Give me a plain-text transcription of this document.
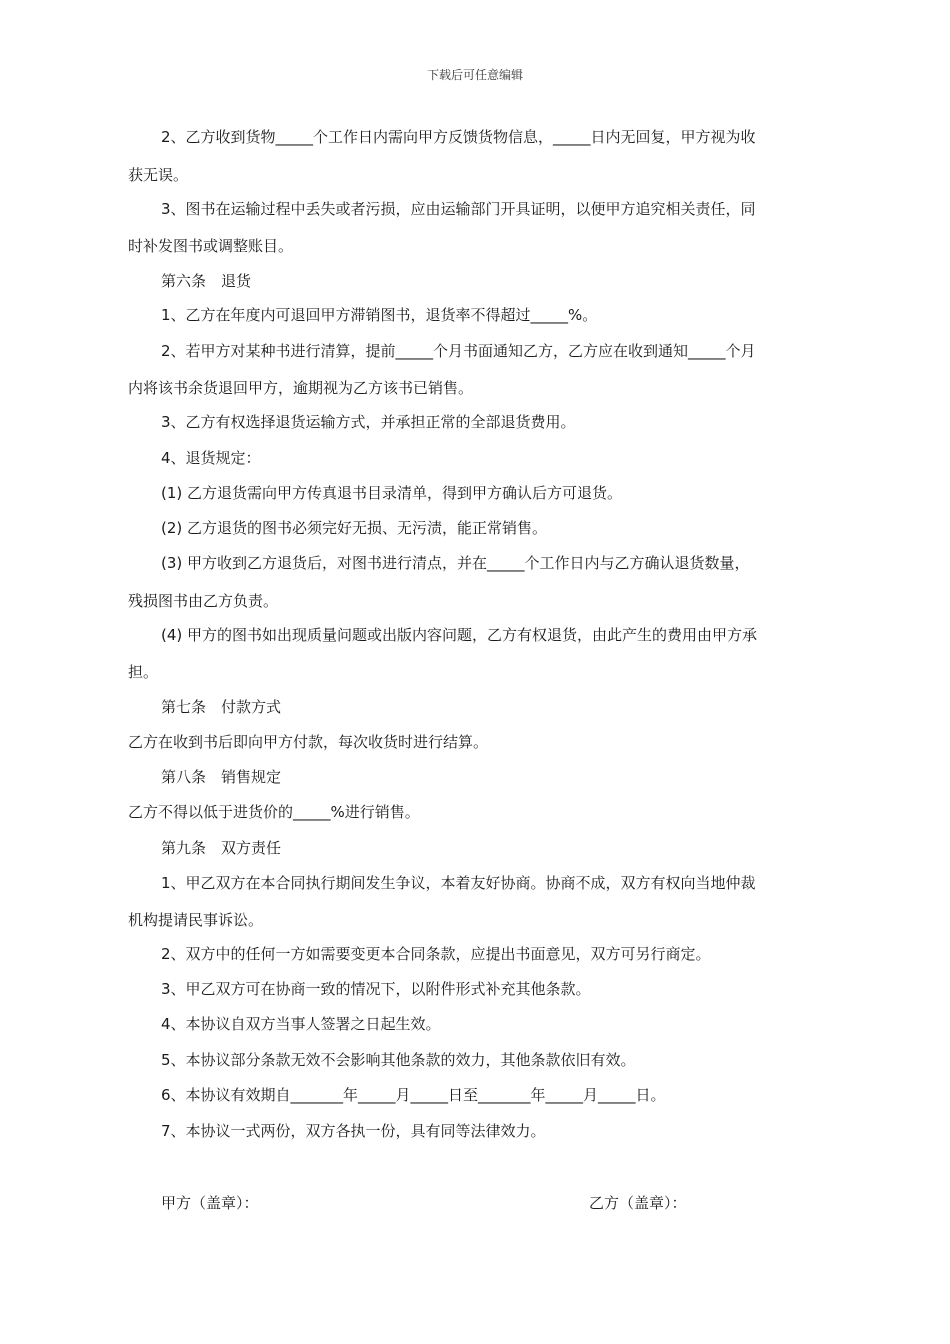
下载后可任意编辑
2、乙方收到货物_____个工作日内需向甲方反馈货物信息，_____日内无回复，甲方视为收
获无误。
3、图书在运输过程中丢失或者污损，应由运输部门开具证明，以便甲方追究相关责任，同
时补发图书或调整账目。
第六条　退货
1、乙方在年度内可退回甲方滞销图书，退货率不得超过_____%。
2、若甲方对某种书进行清算，提前_____个月书面通知乙方，乙方应在收到通知_____个月
内将该书余货退回甲方，逾期视为乙方该书已销售。
3、乙方有权选择退货运输方式，并承担正常的全部退货费用。
4、退货规定：
(1) 乙方退货需向甲方传真退书目录清单，得到甲方确认后方可退货。
(2) 乙方退货的图书必须完好无损、无污渍，能正常销售。
(3) 甲方收到乙方退货后，对图书进行清点，并在_____个工作日内与乙方确认退货数量，
残损图书由乙方负责。
(4) 甲方的图书如出现质量问题或出版内容问题，乙方有权退货，由此产生的费用由甲方承
担。
第七条　付款方式
乙方在收到书后即向甲方付款，每次收货时进行结算。
第八条　销售规定
乙方不得以低于进货价的_____%进行销售。
第九条　双方责任
1、甲乙双方在本合同执行期间发生争议，本着友好协商。协商不成，双方有权向当地仲裁
机构提请民事诉讼。
2、双方中的任何一方如需要变更本合同条款，应提出书面意见，双方可另行商定。
3、甲乙双方可在协商一致的情况下，以附件形式补充其他条款。
4、本协议自双方当事人签署之日起生效。
5、本协议部分条款无效不会影响其他条款的效力，其他条款依旧有效。
6、本协议有效期自_______年_____月_____日至_______年_____月_____日。
7、本协议一式两份，双方各执一份，具有同等法律效力。
甲方（盖章）：	乙方（盖章）：
